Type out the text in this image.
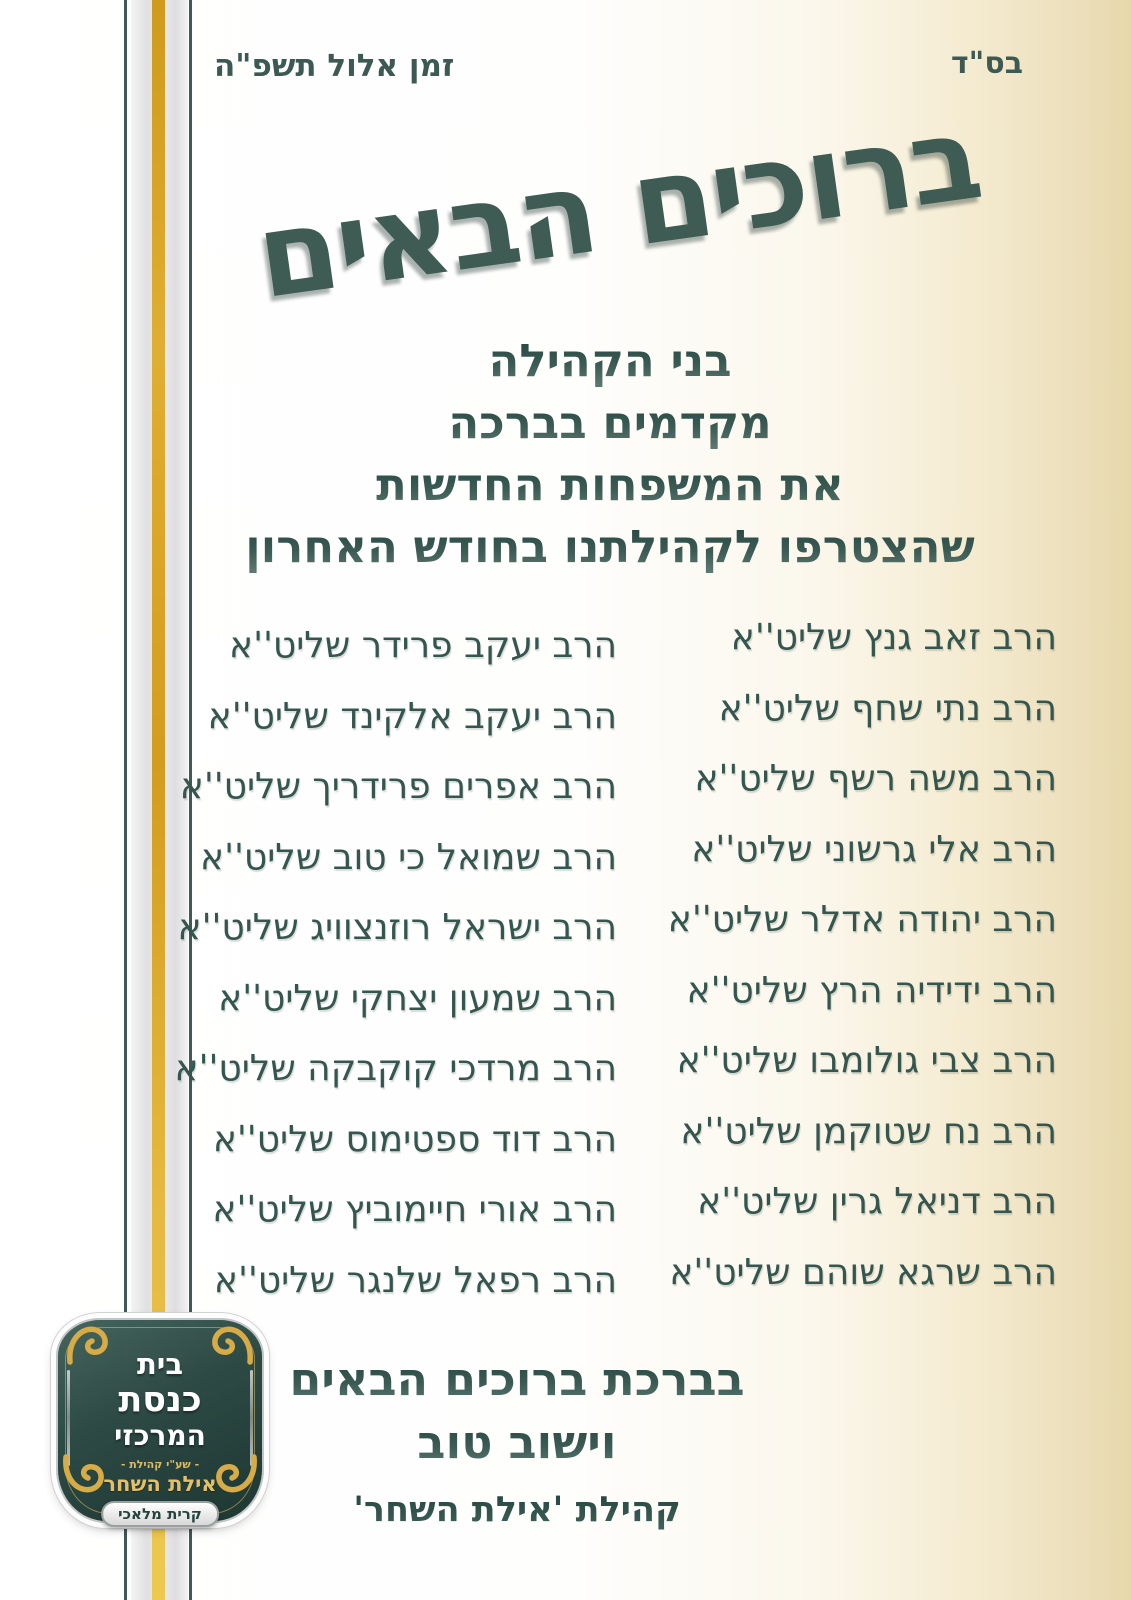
בס"ד
זמן אלול תשפ"ה
ברוכים הבאים
בני הקהילה
מקדמים בברכה
את המשפחות החדשות
שהצטרפו לקהילתנו בחודש האחרון
הרב זאב גנץ שליט''א
הרב נתי שחף שליט''א
הרב משה רשף שליט''א
הרב אלי גרשוני שליט''א
הרב יהודה אדלר שליט''א
הרב ידידיה הרץ שליט''א
הרב צבי גולומבו שליט''א
הרב נח שטוקמן שליט''א
הרב דניאל גרין שליט''א
הרב שרגא שוהם שליט''א
הרב יעקב פרידר שליט''א
הרב יעקב אלקינד שליט''א
הרב אפרים פרידריך שליט''א
הרב שמואל כי טוב שליט''א
הרב ישראל רוזנצוויג שליט''א
הרב שמעון יצחקי שליט''א
הרב מרדכי קוקבקה שליט''א
הרב דוד ספטימוס שליט''א
הרב אורי חיימוביץ שליט''א
הרב רפאל שלנגר שליט''א
בברכת ברוכים הבאים
וישוב טוב
קהילת 'אילת השחר'
בית
כנסת
המרכזי
- שע"י קהילת -
אילת השחר
קרית מלאכי
